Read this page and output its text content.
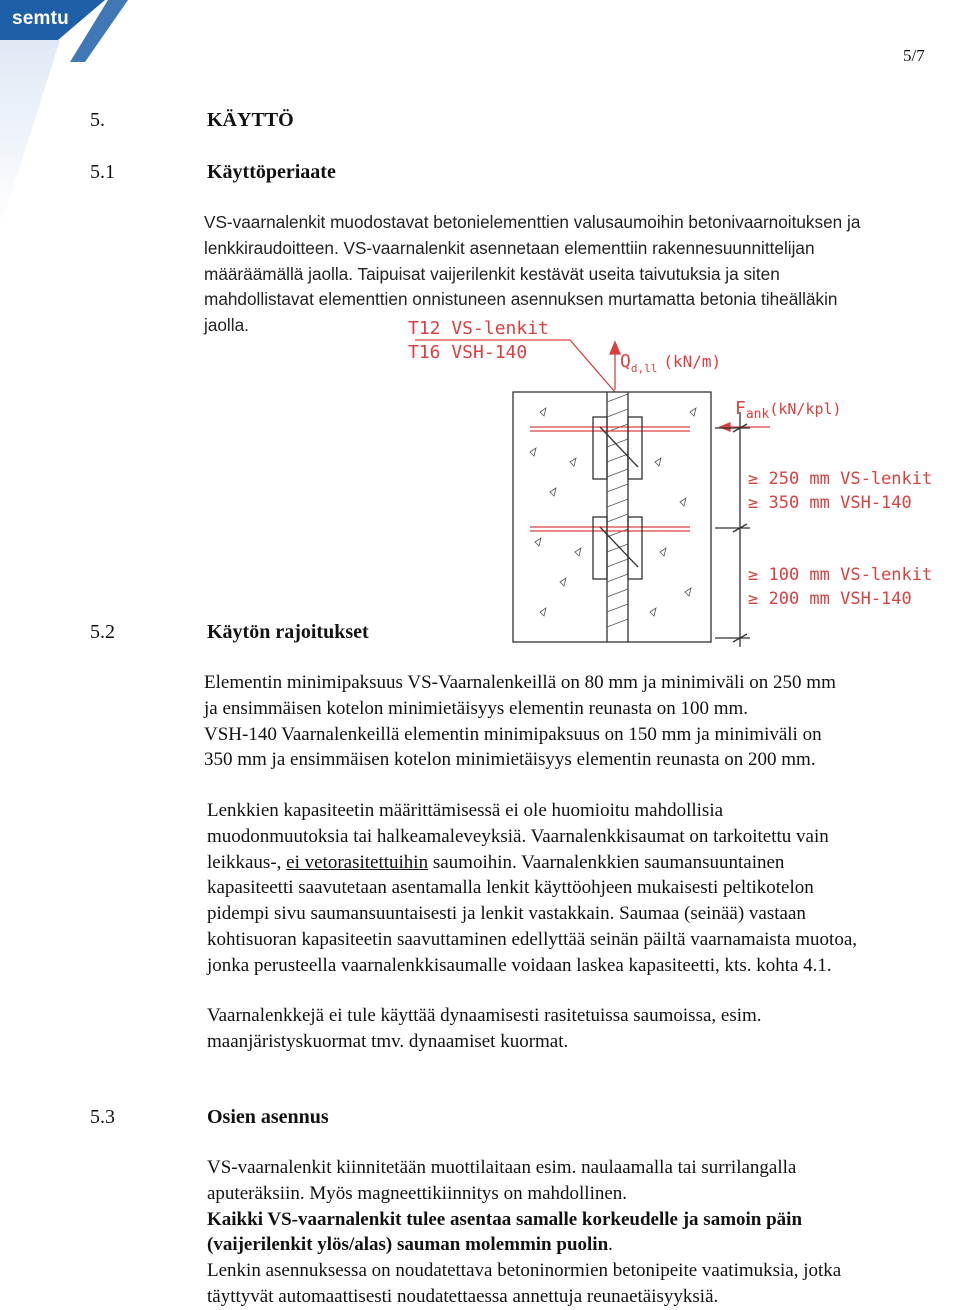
semtu
5/7
5.	KÄYTTÖ
5.1	Käyttöperiaate
VS-vaarnalenkit muodostavat betonielementtien valusaumoihin betonivaarnoituksen ja
lenkkiraudoitteen. VS-vaarnalenkit asennetaan elementtiin rakennesuunnittelijan
määräämällä jaolla. Taipuisat vaijerilenkit kestävät useita taivutuksia ja siten
mahdollistavat elementtien onnistuneen asennuksen murtamatta betonia tiheälläkin
jaolla.	T12 VS-lenkit
T16 VSH-140	$Q_{d,ll}$ (kN/m)
$F_{ank}^{(kN/kpl)}$
≥ 250 mm VS-lenkit
≥ 350 mm VSH-140
≥ 100 mm VS-lenkit
≥ 200 mm VSH-140
5.2	Käytön rajoitukset
Elementin minimipaksuus VS-Vaarnalenkeillä on 80 mm ja minimiväli on 250 mm
ja ensimmäisen kotelon minimietäisyys elementin reunasta on 100 mm.
VSH-140 Vaarnalenkeillä elementin minimipaksuus on 150 mm ja minimiväli on
350 mm ja ensimmäisen kotelon minimietäisyys elementin reunasta on 200 mm.
Lenkkien kapasiteetin määrittämisessä ei ole huomioitu mahdollisia
muodonmuutoksia tai halkeamaleveyksiä. Vaarnalenkkisaumat on tarkoitettu vain
leikkaus-, ei vetorasitettuihin saumoihin. Vaarnalenkkien saumansuuntainen
kapasiteetti saavutetaan asentamalla lenkit käyttöohjeen mukaisesti peltikotelon
pidempi sivu saumansuuntaisesti ja lenkit vastakkain. Saumaa (seinää) vastaan
kohtisuoran kapasiteetin saavuttaminen edellyttää seinän päiltä vaarnamaista muotoa,
jonka perusteella vaarnalenkkisaumalle voidaan laskea kapasiteetti, kts. kohta 4.1.
Vaarnalenkkejä ei tule käyttää dynaamisesti rasitetuissa saumoissa, esim.
maanjäristyskuormat tmv. dynaamiset kuormat.
5.3	Osien asennus
VS-vaarnalenkit kiinnitetään muottilaitaan esim. naulaamalla tai surrilangalla
aputeräksiin. Myös magneettikiinnitys on mahdollinen.
Kaikki VS-vaarnalenkit tulee asentaa samalle korkeudelle ja samoin päin
(vaijerilenkit ylös/alas) sauman molemmin puolin.
Lenkin asennuksessa on noudatettava betoninormien betonipeite vaatimuksia, jotka
täyttyvät automaattisesti noudatettaessa annettuja reunaetäisyyksiä.
